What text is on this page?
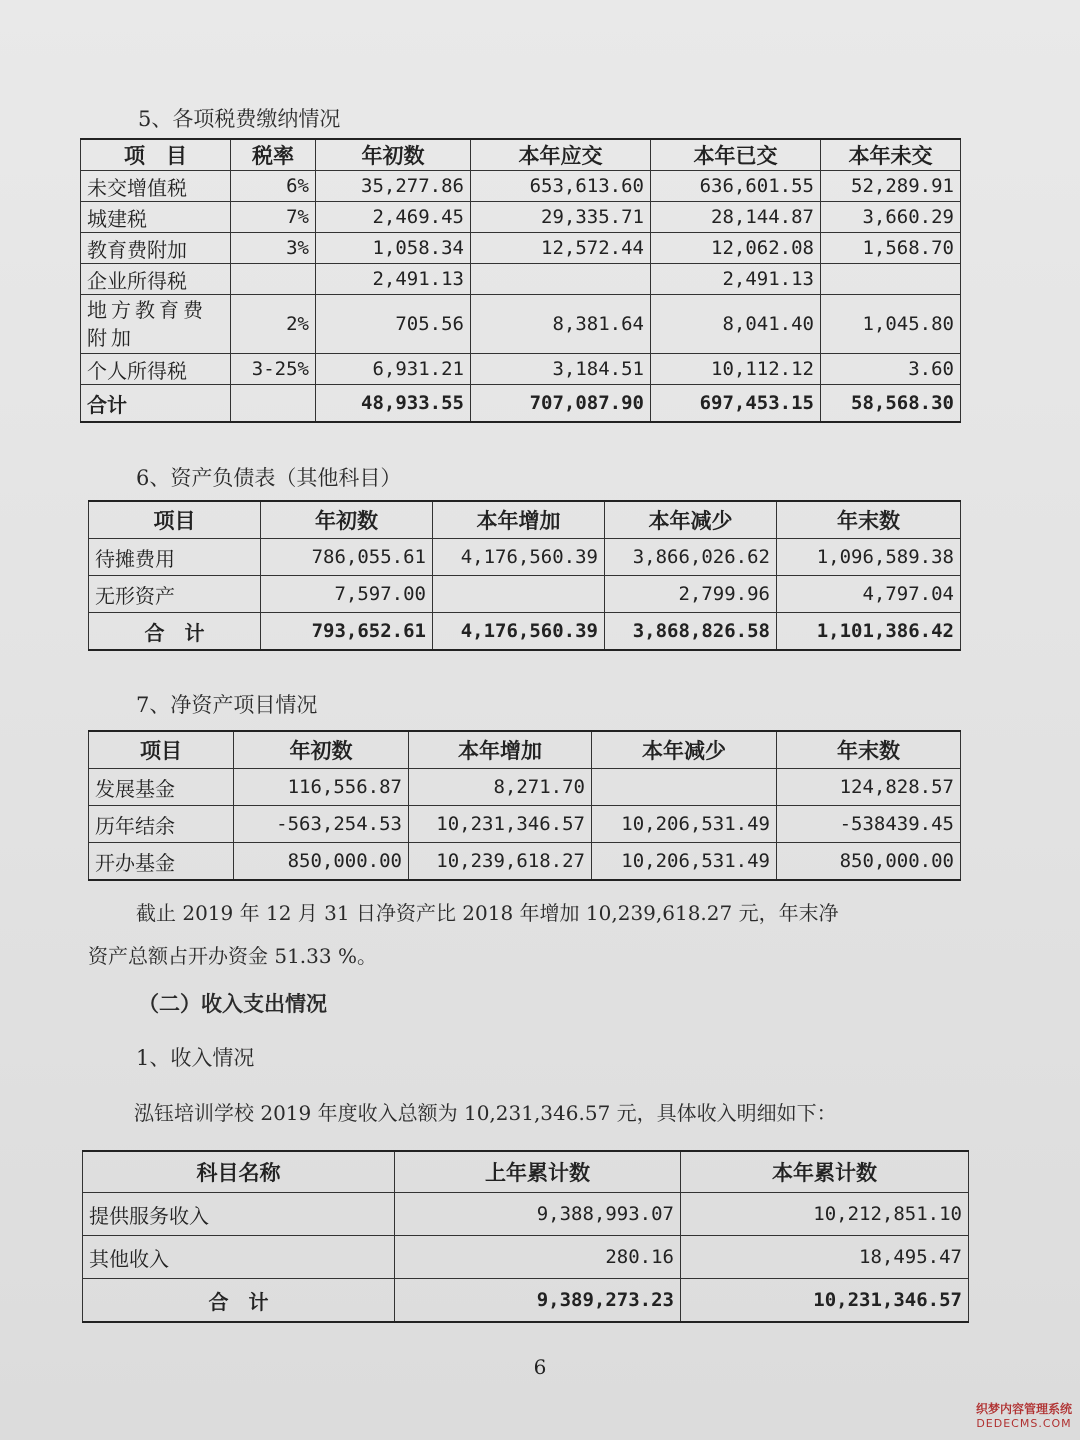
5、各项税费缴纳情况
项　目	税率	年初数	本年应交	本年已交	本年未交
未交增值税	6%	35,277.86	653,613.60	636,601.55	52,289.91
城建税	7%	2,469.45	29,335.71	28,144.87	3,660.29
教育费附加	3%	1,058.34	12,572.44	12,062.08	1,568.70
企业所得税		2,491.13		2,491.13	
地方教育费附加	2%	705.56	8,381.64	8,041.40	1,045.80
个人所得税	3-25%	6,931.21	3,184.51	10,112.12	3.60
合计		48,933.55	707,087.90	697,453.15	58,568.30
6、资产负债表（其他科目）
项目	年初数	本年增加	本年减少	年末数
待摊费用	786,055.61	4,176,560.39	3,866,026.62	1,096,589.38
无形资产	7,597.00		2,799.96	4,797.04
合　计	793,652.61	4,176,560.39	3,868,826.58	1,101,386.42
7、净资产项目情况
项目	年初数	本年增加	本年减少	年末数
发展基金	116,556.87	8,271.70		124,828.57
历年结余	-563,254.53	10,231,346.57	10,206,531.49	-538439.45
开办基金	850,000.00	10,239,618.27	10,206,531.49	850,000.00
截止 2019 年 12 月 31 日净资产比 2018 年增加 10,239,618.27 元，年末净
资产总额占开办资金 51.33 %。
（二）收入支出情况
1、收入情况
泓钰培训学校 2019 年度收入总额为 10,231,346.57 元，具体收入明细如下：
科目名称	上年累计数	本年累计数
提供服务收入	9,388,993.07	10,212,851.10
其他收入	280.16	18,495.47
合　计	9,389,273.23	10,231,346.57
6
织梦内容管理系统
DEDECMS.COM
